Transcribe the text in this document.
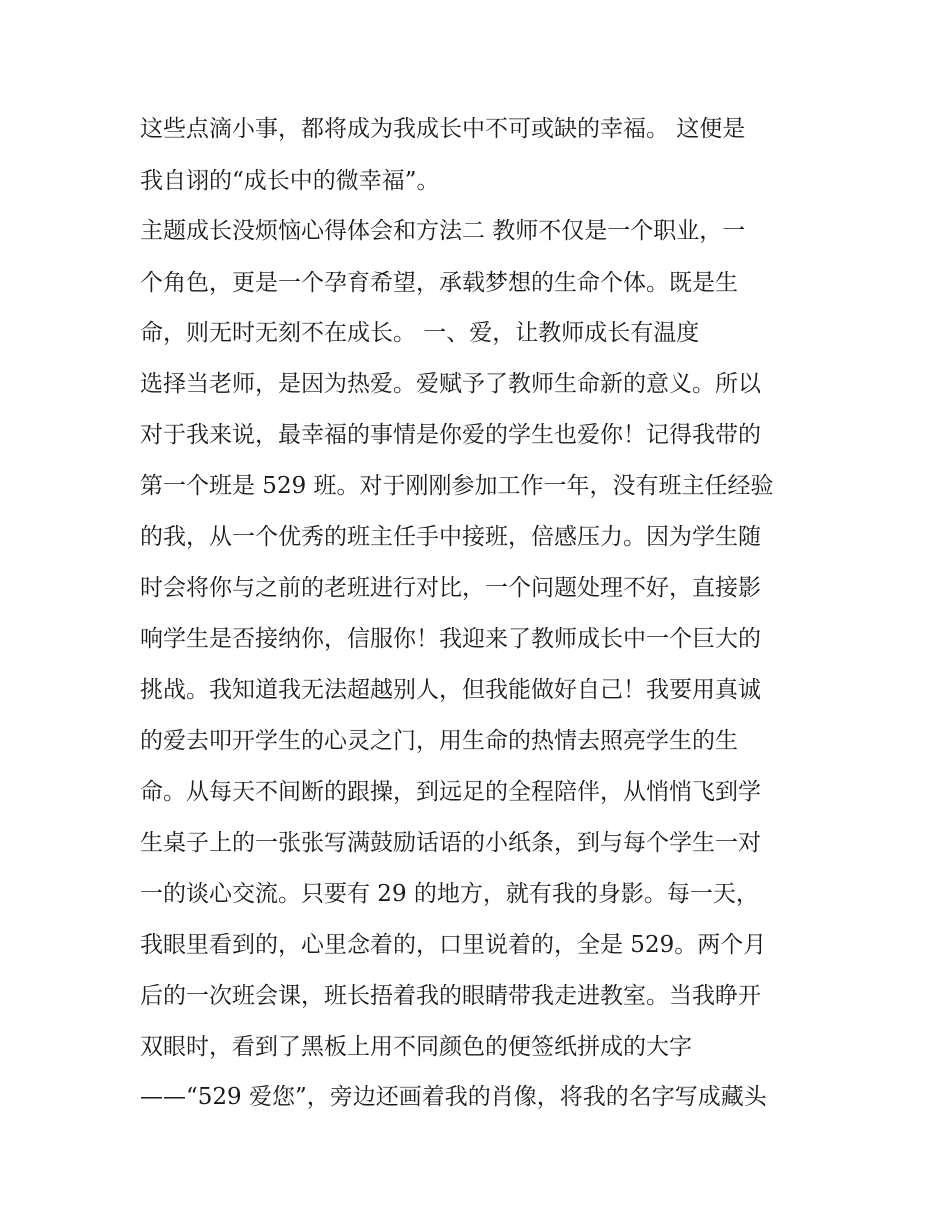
这些点滴小事，都将成为我成长中不可或缺的幸福。 这便是
我自诩的“成长中的微幸福”。
主题成长没烦恼心得体会和方法二 教师不仅是一个职业，一
个角色，更是一个孕育希望，承载梦想的生命个体。既是生
命，则无时无刻不在成长。 一、爱，让教师成长有温度
选择当老师，是因为热爱。爱赋予了教师生命新的意义。所以
对于我来说，最幸福的事情是你爱的学生也爱你！记得我带的
第一个班是 529 班。对于刚刚参加工作一年，没有班主任经验
的我，从一个优秀的班主任手中接班，倍感压力。因为学生随
时会将你与之前的老班进行对比，一个问题处理不好，直接影
响学生是否接纳你，信服你！我迎来了教师成长中一个巨大的
挑战。我知道我无法超越别人，但我能做好自己！我要用真诚
的爱去叩开学生的心灵之门，用生命的热情去照亮学生的生
命。从每天不间断的跟操，到远足的全程陪伴，从悄悄飞到学
生桌子上的一张张写满鼓励话语的小纸条，到与每个学生一对
一的谈心交流。只要有 29 的地方，就有我的身影。每一天，
我眼里看到的，心里念着的，口里说着的，全是 529。两个月
后的一次班会课，班长捂着我的眼睛带我走进教室。当我睁开
双眼时，看到了黑板上用不同颜色的便签纸拼成的大字
——“529 爱您”，旁边还画着我的肖像，将我的名字写成藏头
